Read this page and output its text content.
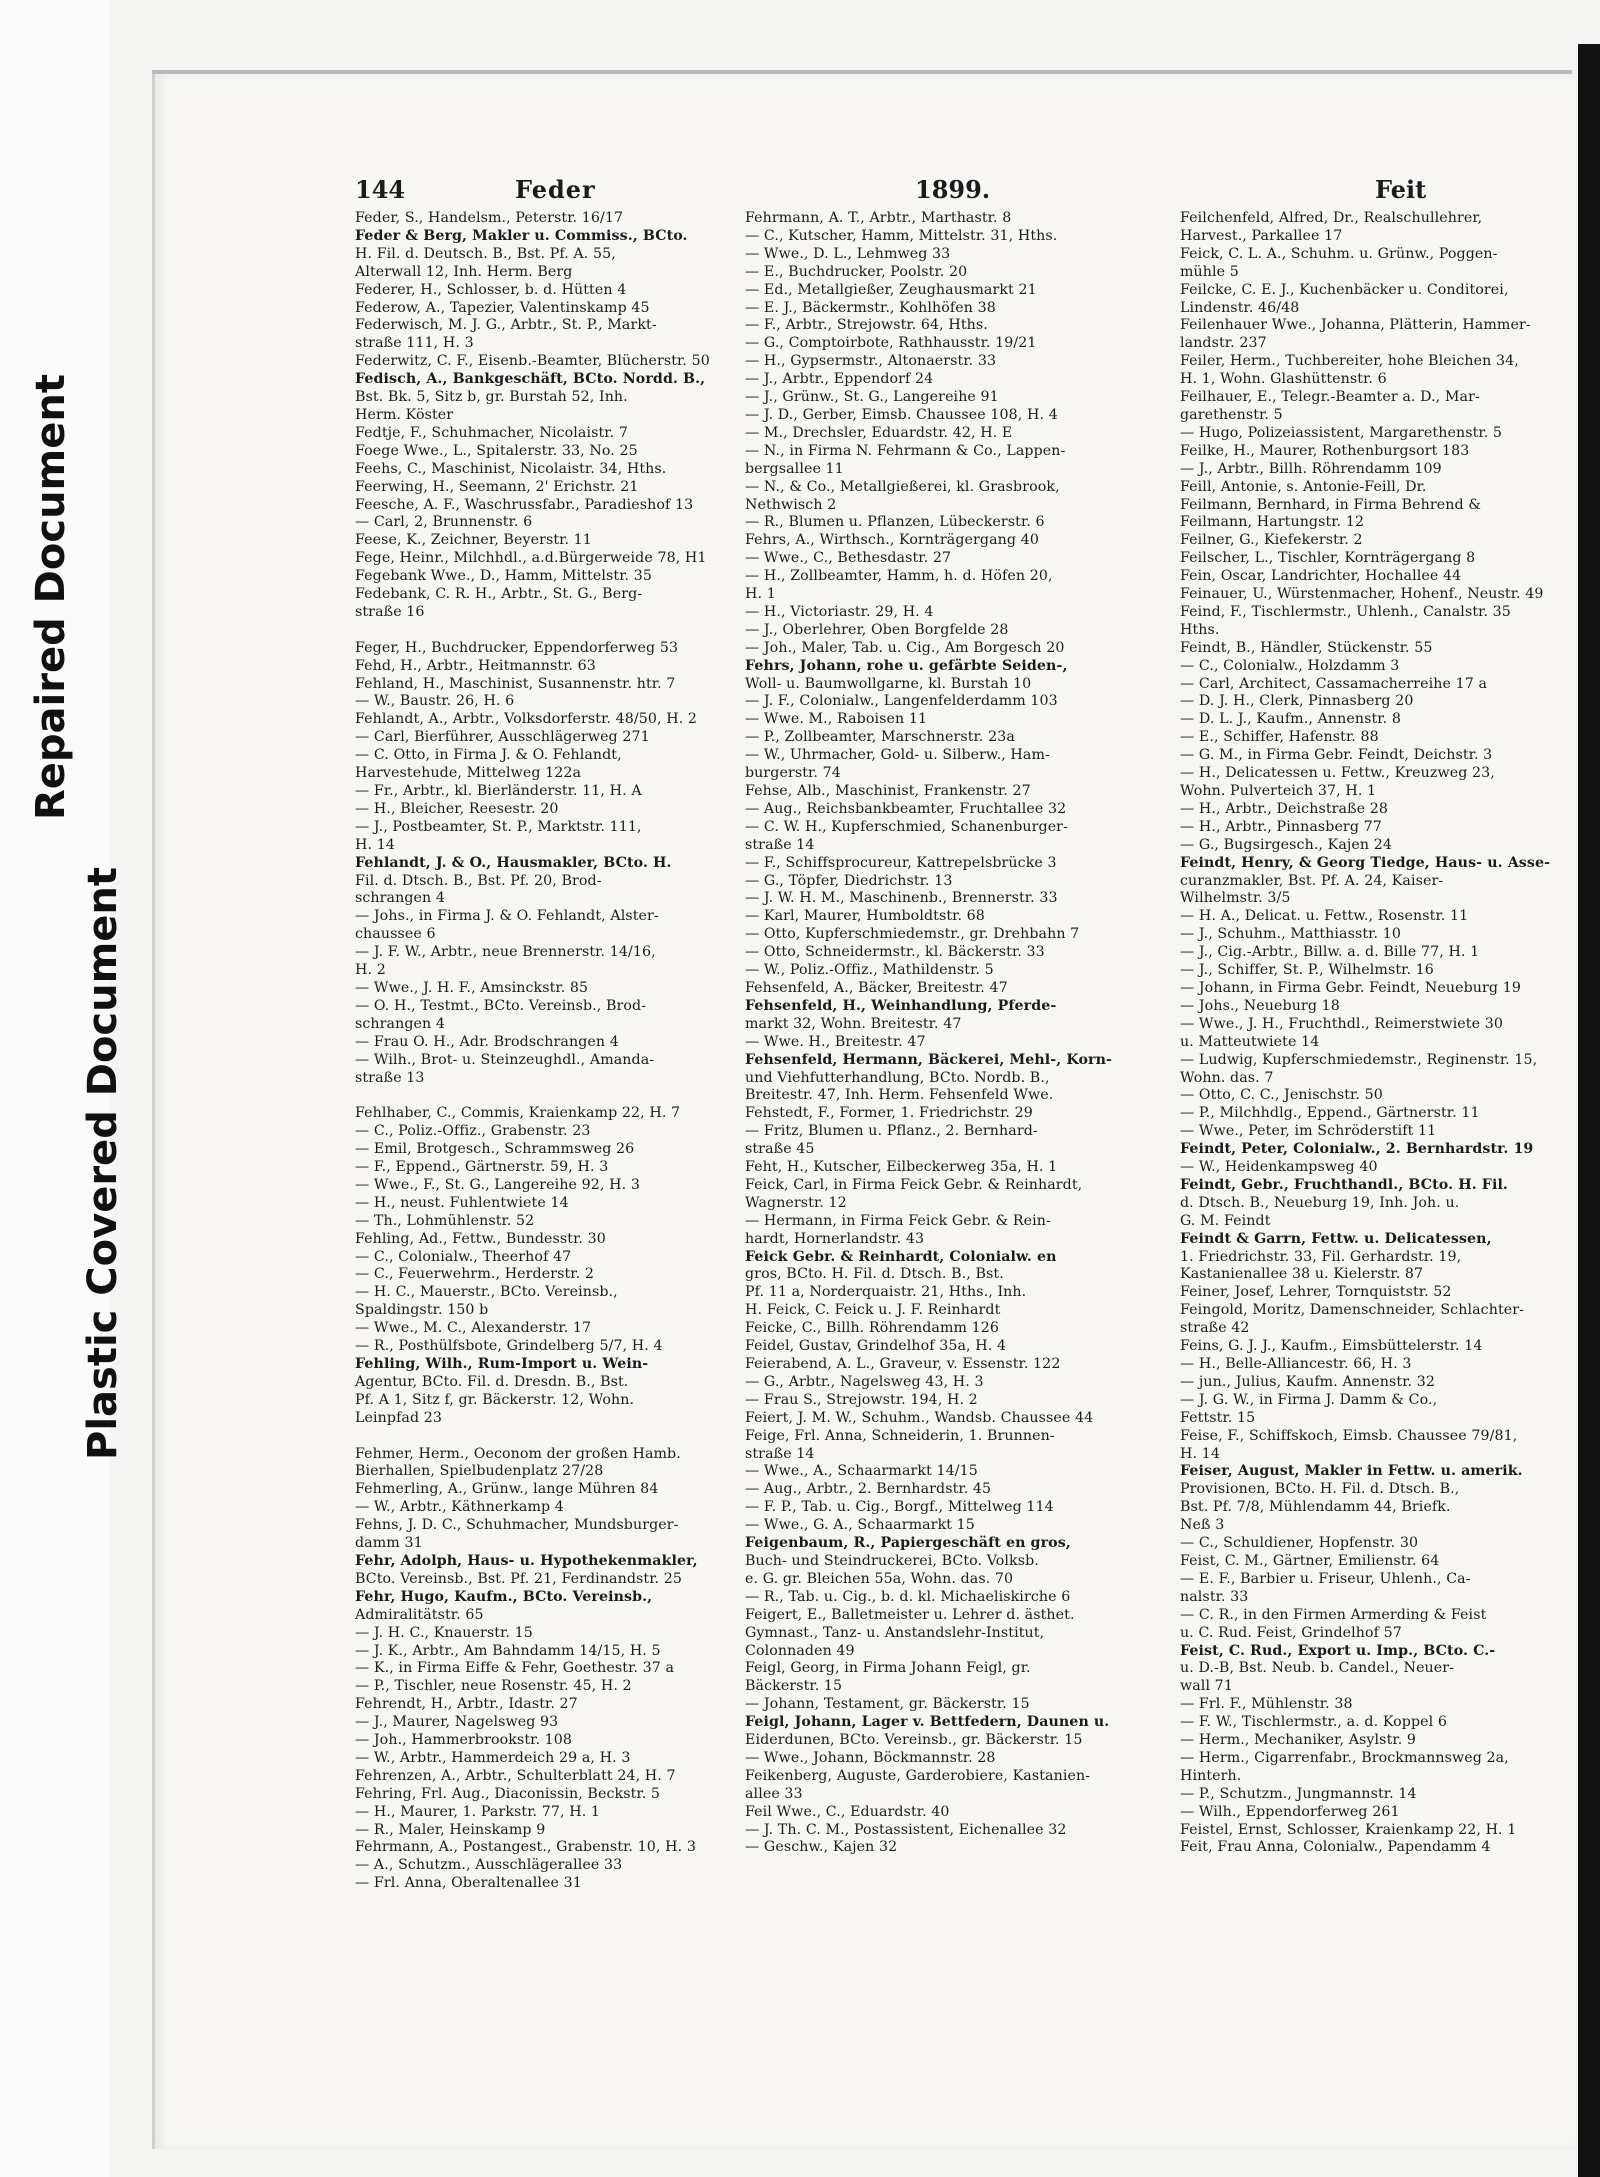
Plastic Covered Document
Repaired Document
144	Feder	1899.	Feit
Feder, S., Handelsm., Peterstr. 16/17
Feder & Berg, Makler u. Commiss., BCto.
H. Fil. d. Deutsch. B., Bst. Pf. A. 55,
Alterwall 12, Inh. Herm. Berg
Federer, H., Schlosser, b. d. Hütten 4
Federow, A., Tapezier, Valentinskamp 45
Federwisch, M. J. G., Arbtr., St. P., Markt-
straße 111, H. 3
Federwitz, C. F., Eisenb.-Beamter, Blücherstr. 50
Fedisch, A., Bankgeschäft, BCto. Nordd. B.,
Bst. Bk. 5, Sitz b, gr. Burstah 52, Inh.
Herm. Köster
Fedtje, F., Schuhmacher, Nicolaistr. 7
Foege Wwe., L., Spitalerstr. 33, No. 25
Feehs, C., Maschinist, Nicolaistr. 34, Hths.
Feerwing, H., Seemann, 2' Erichstr. 21
Feesche, A. F., Waschrussfabr., Paradieshof 13
— Carl, 2, Brunnenstr. 6
Feese, K., Zeichner, Beyerstr. 11
Fege, Heinr., Milchhdl., a.d.Bürgerweide 78, H1
Fegebank Wwe., D., Hamm, Mittelstr. 35
Fedebank, C. R. H., Arbtr., St. G., Berg-
straße 16

Feger, H., Buchdrucker, Eppendorferweg 53
Fehd, H., Arbtr., Heitmannstr. 63
Fehland, H., Maschinist, Susannenstr. htr. 7
— W., Baustr. 26, H. 6
Fehlandt, A., Arbtr., Volksdorferstr. 48/50, H. 2
— Carl, Bierführer, Ausschlägerweg 271
— C. Otto, in Firma J. & O. Fehlandt,
Harvestehude, Mittelweg 122a
— Fr., Arbtr., kl. Bierländerstr. 11, H. A
— H., Bleicher, Reesestr. 20
— J., Postbeamter, St. P., Marktstr. 111,
H. 14
Fehlandt, J. & O., Hausmakler, BCto. H.
Fil. d. Dtsch. B., Bst. Pf. 20, Brod-
schrangen 4
— Johs., in Firma J. & O. Fehlandt, Alster-
chaussee 6
— J. F. W., Arbtr., neue Brennerstr. 14/16,
H. 2
— Wwe., J. H. F., Amsinckstr. 85
— O. H., Testmt., BCto. Vereinsb., Brod-
schrangen 4
— Frau O. H., Adr. Brodschrangen 4
— Wilh., Brot- u. Steinzeughdl., Amanda-
straße 13

Fehlhaber, C., Commis, Kraienkamp 22, H. 7
— C., Poliz.-Offiz., Grabenstr. 23
— Emil, Brotgesch., Schrammsweg 26
— F., Eppend., Gärtnerstr. 59, H. 3
— Wwe., F., St. G., Langereihe 92, H. 3
— H., neust. Fuhlentwiete 14
— Th., Lohmühlenstr. 52
Fehling, Ad., Fettw., Bundesstr. 30
— C., Colonialw., Theerhof 47
— C., Feuerwehrm., Herderstr. 2
— H. C., Mauerstr., BCto. Vereinsb.,
Spaldingstr. 150 b
— Wwe., M. C., Alexanderstr. 17
— R., Posthülfsbote, Grindelberg 5/7, H. 4
Fehling, Wilh., Rum-Import u. Wein-
Agentur, BCto. Fil. d. Dresdn. B., Bst.
Pf. A 1, Sitz f, gr. Bäckerstr. 12, Wohn.
Leinpfad 23

Fehmer, Herm., Oeconom der großen Hamb.
Bierhallen, Spielbudenplatz 27/28
Fehmerling, A., Grünw., lange Mühren 84
— W., Arbtr., Käthnerkamp 4
Fehns, J. D. C., Schuhmacher, Mundsburger-
damm 31
Fehr, Adolph, Haus- u. Hypothekenmakler,
BCto. Vereinsb., Bst. Pf. 21, Ferdinandstr. 25
Fehr, Hugo, Kaufm., BCto. Vereinsb.,
Admiralitätstr. 65
— J. H. C., Knauerstr. 15
— J. K., Arbtr., Am Bahndamm 14/15, H. 5
— K., in Firma Eiffe & Fehr, Goethestr. 37 a
— P., Tischler, neue Rosenstr. 45, H. 2
Fehrendt, H., Arbtr., Idastr. 27
— J., Maurer, Nagelsweg 93
— Joh., Hammerbrookstr. 108
— W., Arbtr., Hammerdeich 29 a, H. 3
Fehrenzen, A., Arbtr., Schulterblatt 24, H. 7
Fehring, Frl. Aug., Diaconissin, Beckstr. 5
— H., Maurer, 1. Parkstr. 77, H. 1
— R., Maler, Heinskamp 9
Fehrmann, A., Postangest., Grabenstr. 10, H. 3
— A., Schutzm., Ausschlägerallee 33
— Frl. Anna, Oberaltenallee 31
Fehrmann, A. T., Arbtr., Marthastr. 8
— C., Kutscher, Hamm, Mittelstr. 31, Hths.
— Wwe., D. L., Lehmweg 33
— E., Buchdrucker, Poolstr. 20
— Ed., Metallgießer, Zeughausmarkt 21
— E. J., Bäckermstr., Kohlhöfen 38
— F., Arbtr., Strejowstr. 64, Hths.
— G., Comptoirbote, Rathhausstr. 19/21
— H., Gypsermstr., Altonaerstr. 33
— J., Arbtr., Eppendorf 24
— J., Grünw., St. G., Langereihe 91
— J. D., Gerber, Eimsb. Chaussee 108, H. 4
— M., Drechsler, Eduardstr. 42, H. E
— N., in Firma N. Fehrmann & Co., Lappen-
bergsallee 11
— N., & Co., Metallgießerei, kl. Grasbrook,
Nethwisch 2
— R., Blumen u. Pflanzen, Lübeckerstr. 6
Fehrs, A., Wirthsch., Kornträgergang 40
— Wwe., C., Bethesdastr. 27
— H., Zollbeamter, Hamm, h. d. Höfen 20,
H. 1
— H., Victoriastr. 29, H. 4
— J., Oberlehrer, Oben Borgfelde 28
— Joh., Maler, Tab. u. Cig., Am Borgesch 20
Fehrs, Johann, rohe u. gefärbte Seiden-,
Woll- u. Baumwollgarne, kl. Burstah 10
— J. F., Colonialw., Langenfelderdamm 103
— Wwe. M., Raboisen 11
— P., Zollbeamter, Marschnerstr. 23a
— W., Uhrmacher, Gold- u. Silberw., Ham-
burgerstr. 74
Fehse, Alb., Maschinist, Frankenstr. 27
— Aug., Reichsbankbeamter, Fruchtallee 32
— C. W. H., Kupferschmied, Schanenburger-
straße 14
— F., Schiffsprocureur, Kattrepelsbrücke 3
— G., Töpfer, Diedrichstr. 13
— J. W. H. M., Maschinenb., Brennerstr. 33
— Karl, Maurer, Humboldtstr. 68
— Otto, Kupferschmiedemstr., gr. Drehbahn 7
— Otto, Schneidermstr., kl. Bäckerstr. 33
— W., Poliz.-Offiz., Mathildenstr. 5
Fehsenfeld, A., Bäcker, Breitestr. 47
Fehsenfeld, H., Weinhandlung, Pferde-
markt 32, Wohn. Breitestr. 47
— Wwe. H., Breitestr. 47
Fehsenfeld, Hermann, Bäckerei, Mehl-, Korn-
und Viehfutterhandlung, BCto. Nordb. B.,
Breitestr. 47, Inh. Herm. Fehsenfeld Wwe.
Fehstedt, F., Former, 1. Friedrichstr. 29
— Fritz, Blumen u. Pflanz., 2. Bernhard-
straße 45
Feht, H., Kutscher, Eilbeckerweg 35a, H. 1
Feick, Carl, in Firma Feick Gebr. & Reinhardt,
Wagnerstr. 12
— Hermann, in Firma Feick Gebr. & Rein-
hardt, Hornerlandstr. 43
Feick Gebr. & Reinhardt, Colonialw. en
gros, BCto. H. Fil. d. Dtsch. B., Bst.
Pf. 11 a, Norderquaistr. 21, Hths., Inh.
H. Feick, C. Feick u. J. F. Reinhardt
Feicke, C., Billh. Röhrendamm 126
Feidel, Gustav, Grindelhof 35a, H. 4
Feierabend, A. L., Graveur, v. Essenstr. 122
— G., Arbtr., Nagelsweg 43, H. 3
— Frau S., Strejowstr. 194, H. 2
Feiert, J. M. W., Schuhm., Wandsb. Chaussee 44
Feige, Frl. Anna, Schneiderin, 1. Brunnen-
straße 14
— Wwe., A., Schaarmarkt 14/15
— Aug., Arbtr., 2. Bernhardstr. 45
— F. P., Tab. u. Cig., Borgf., Mittelweg 114
— Wwe., G. A., Schaarmarkt 15
Feigenbaum, R., Papiergeschäft en gros,
Buch- und Steindruckerei, BCto. Volksb.
e. G. gr. Bleichen 55a, Wohn. das. 70
— R., Tab. u. Cig., b. d. kl. Michaeliskirche 6
Feigert, E., Balletmeister u. Lehrer d. ästhet.
Gymnast., Tanz- u. Anstandslehr-Institut,
Colonnaden 49
Feigl, Georg, in Firma Johann Feigl, gr.
Bäckerstr. 15
— Johann, Testament, gr. Bäckerstr. 15
Feigl, Johann, Lager v. Bettfedern, Daunen u.
Eiderdunen, BCto. Vereinsb., gr. Bäckerstr. 15
— Wwe., Johann, Böckmannstr. 28
Feikenberg, Auguste, Garderobiere, Kastanien-
allee 33
Feil Wwe., C., Eduardstr. 40
— J. Th. C. M., Postassistent, Eichenallee 32
— Geschw., Kajen 32
Feilchenfeld, Alfred, Dr., Realschullehrer,
Harvest., Parkallee 17
Feick, C. L. A., Schuhm. u. Grünw., Poggen-
mühle 5
Feilcke, C. E. J., Kuchenbäcker u. Conditorei,
Lindenstr. 46/48
Feilenhauer Wwe., Johanna, Plätterin, Hammer-
landstr. 237
Feiler, Herm., Tuchbereiter, hohe Bleichen 34,
H. 1, Wohn. Glashüttenstr. 6
Feilhauer, E., Telegr.-Beamter a. D., Mar-
garethenstr. 5
— Hugo, Polizeiassistent, Margarethenstr. 5
Feilke, H., Maurer, Rothenburgsort 183
— J., Arbtr., Billh. Röhrendamm 109
Feill, Antonie, s. Antonie-Feill, Dr.
Feilmann, Bernhard, in Firma Behrend &
Feilmann, Hartungstr. 12
Feilner, G., Kiefekerstr. 2
Feilscher, L., Tischler, Kornträgergang 8
Fein, Oscar, Landrichter, Hochallee 44
Feinauer, U., Würstenmacher, Hohenf., Neustr. 49
Feind, F., Tischlermstr., Uhlenh., Canalstr. 35
Hths.
Feindt, B., Händler, Stückenstr. 55
— C., Colonialw., Holzdamm 3
— Carl, Architect, Cassamacherreihe 17 a
— D. J. H., Clerk, Pinnasberg 20
— D. L. J., Kaufm., Annenstr. 8
— E., Schiffer, Hafenstr. 88
— G. M., in Firma Gebr. Feindt, Deichstr. 3
— H., Delicatessen u. Fettw., Kreuzweg 23,
Wohn. Pulverteich 37, H. 1
— H., Arbtr., Deichstraße 28
— H., Arbtr., Pinnasberg 77
— G., Bugsirgesch., Kajen 24
Feindt, Henry, & Georg Tiedge, Haus- u. Asse-
curanzmakler, Bst. Pf. A. 24, Kaiser-
Wilhelmstr. 3/5
— H. A., Delicat. u. Fettw., Rosenstr. 11
— J., Schuhm., Matthiasstr. 10
— J., Cig.-Arbtr., Billw. a. d. Bille 77, H. 1
— J., Schiffer, St. P., Wilhelmstr. 16
— Johann, in Firma Gebr. Feindt, Neueburg 19
— Johs., Neueburg 18
— Wwe., J. H., Fruchthdl., Reimerstwiete 30
u. Matteutwiete 14
— Ludwig, Kupferschmiedemstr., Reginenstr. 15,
Wohn. das. 7
— Otto, C. C., Jenischstr. 50
— P., Milchhdlg., Eppend., Gärtnerstr. 11
— Wwe., Peter, im Schröderstift 11
Feindt, Peter, Colonialw., 2. Bernhardstr. 19
— W., Heidenkampsweg 40
Feindt, Gebr., Fruchthandl., BCto. H. Fil.
d. Dtsch. B., Neueburg 19, Inh. Joh. u.
G. M. Feindt
Feindt & Garrn, Fettw. u. Delicatessen,
1. Friedrichstr. 33, Fil. Gerhardstr. 19,
Kastanienallee 38 u. Kielerstr. 87
Feiner, Josef, Lehrer, Tornquiststr. 52
Feingold, Moritz, Damenschneider, Schlachter-
straße 42
Feins, G. J. J., Kaufm., Eimsbüttelerstr. 14
— H., Belle-Alliancestr. 66, H. 3
— jun., Julius, Kaufm. Annenstr. 32
— J. G. W., in Firma J. Damm & Co.,
Fettstr. 15
Feise, F., Schiffskoch, Eimsb. Chaussee 79/81,
H. 14
Feiser, August, Makler in Fettw. u. amerik.
Provisionen, BCto. H. Fil. d. Dtsch. B.,
Bst. Pf. 7/8, Mühlendamm 44, Briefk.
Neß 3
— C., Schuldiener, Hopfenstr. 30
Feist, C. M., Gärtner, Emilienstr. 64
— E. F., Barbier u. Friseur, Uhlenh., Ca-
nalstr. 33
— C. R., in den Firmen Armerding & Feist
u. C. Rud. Feist, Grindelhof 57
Feist, C. Rud., Export u. Imp., BCto. C.-
u. D.-B, Bst. Neub. b. Candel., Neuer-
wall 71
— Frl. F., Mühlenstr. 38
— F. W., Tischlermstr., a. d. Koppel 6
— Herm., Mechaniker, Asylstr. 9
— Herm., Cigarrenfabr., Brockmannsweg 2a,
Hinterh.
— P., Schutzm., Jungmannstr. 14
— Wilh., Eppendorferweg 261
Feistel, Ernst, Schlosser, Kraienkamp 22, H. 1
Feit, Frau Anna, Colonialw., Papendamm 4
